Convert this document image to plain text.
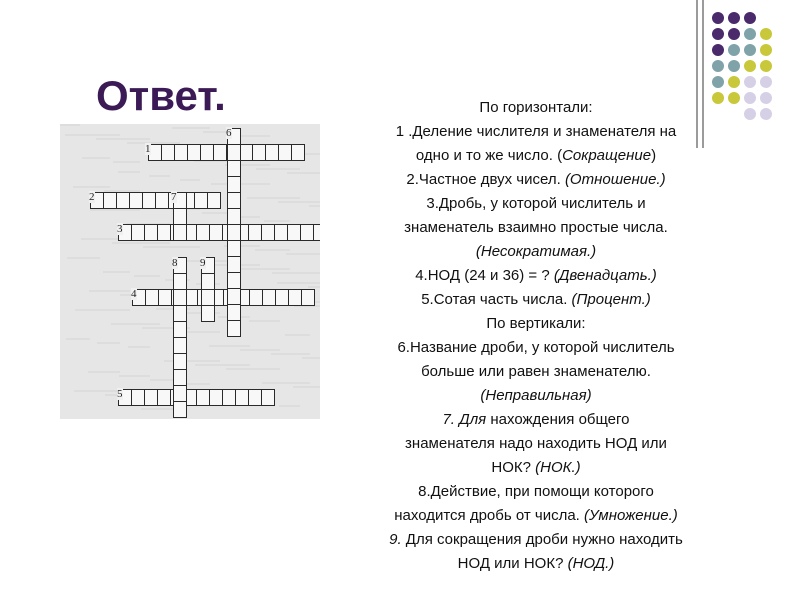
Ответ.
6
1
2	7
3
8 9
4
5
По горизонтали:
1 .Деление числителя и знаменателя на
одно и то же число. (Сокращение)
2.Частное двух чисел. (Отношение.)
3.Дробь, у которой числитель и
знаменатель взаимно простые числа.
(Несократимая.)
4.НОД (24 и 36) = ? (Двенадцать.)
5.Сотая часть числа. (Процент.)
По вертикали:
6.Название дроби, у которой числитель
больше или равен знаменателю.
(Неправильная)
7. Для нахождения общего
знаменателя надо находить НОД или
НОК? (НОК.)
8.Действие, при помощи которого
находится дробь от числа. (Умножение.)
9. Для сокращения дроби нужно находить
НОД или НОК? (НОД.)
